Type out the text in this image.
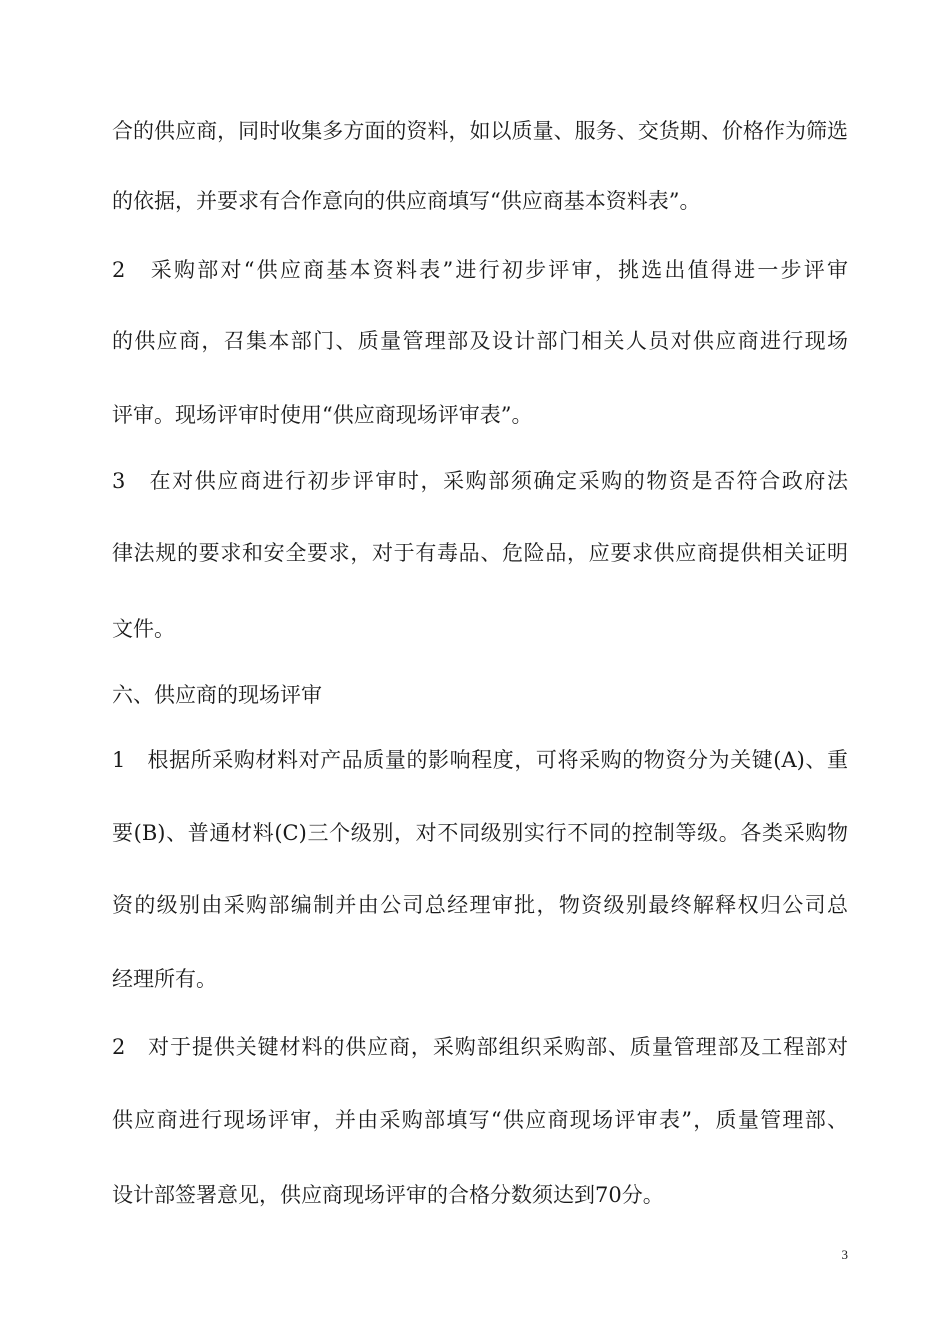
合的供应商，同时收集多方面的资料，如以质量、服务、交货期、价格作为筛选
的依据，并要求有合作意向的供应商填写“供应商基本资料表”。
2　采购部对“供应商基本资料表”进行初步评审，挑选出值得进一步评审
的供应商，召集本部门、质量管理部及设计部门相关人员对供应商进行现场
评审。现场评审时使用“供应商现场评审表”。
3　在对供应商进行初步评审时，采购部须确定采购的物资是否符合政府法
律法规的要求和安全要求，对于有毒品、危险品，应要求供应商提供相关证明
文件。
六、供应商的现场评审
1　根据所采购材料对产品质量的影响程度，可将采购的物资分为关键(A)、重
要(B)、普通材料(C)三个级别，对不同级别实行不同的控制等级。各类采购物
资的级别由采购部编制并由公司总经理审批，物资级别最终解释权归公司总
经理所有。
2　对于提供关键材料的供应商，采购部组织采购部、质量管理部及工程部对
供应商进行现场评审，并由采购部填写“供应商现场评审表”，质量管理部、
设计部签署意见，供应商现场评审的合格分数须达到70分。
3
